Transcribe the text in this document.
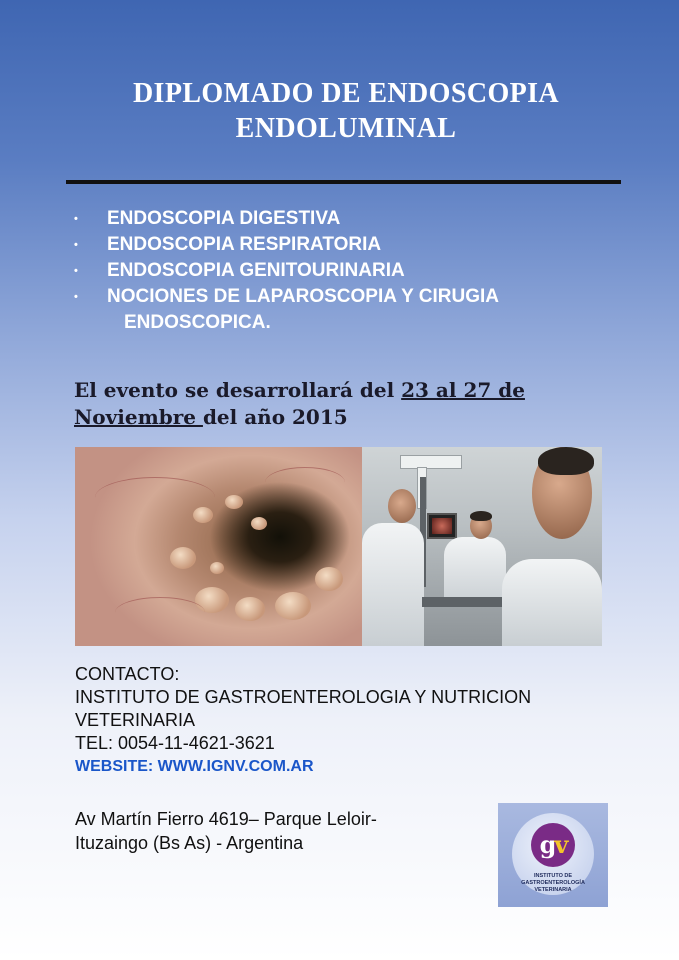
DIPLOMADO DE ENDOSCOPIA
ENDOLUMINAL
• ENDOSCOPIA DIGESTIVA
• ENDOSCOPIA RESPIRATORIA
• ENDOSCOPIA GENITOURINARIA
• NOCIONES DE LAPAROSCOPIA Y CIRUGIA
ENDOSCOPICA.
El evento se desarrollará del 23 al 27 de
Noviembre del año 2015
CONTACTO:
INSTITUTO DE GASTROENTEROLOGIA Y NUTRICION
VETERINARIA
TEL: 0054-11-4621-3621
WEBSITE: WWW.IGNV.COM.AR
Av Martín Fierro 4619– Parque Leloir-
Ituzaingo (Bs As) - Argentina	gv
INSTITUTO DE
GASTROENTEROLOGÍA
VETERINARIA
